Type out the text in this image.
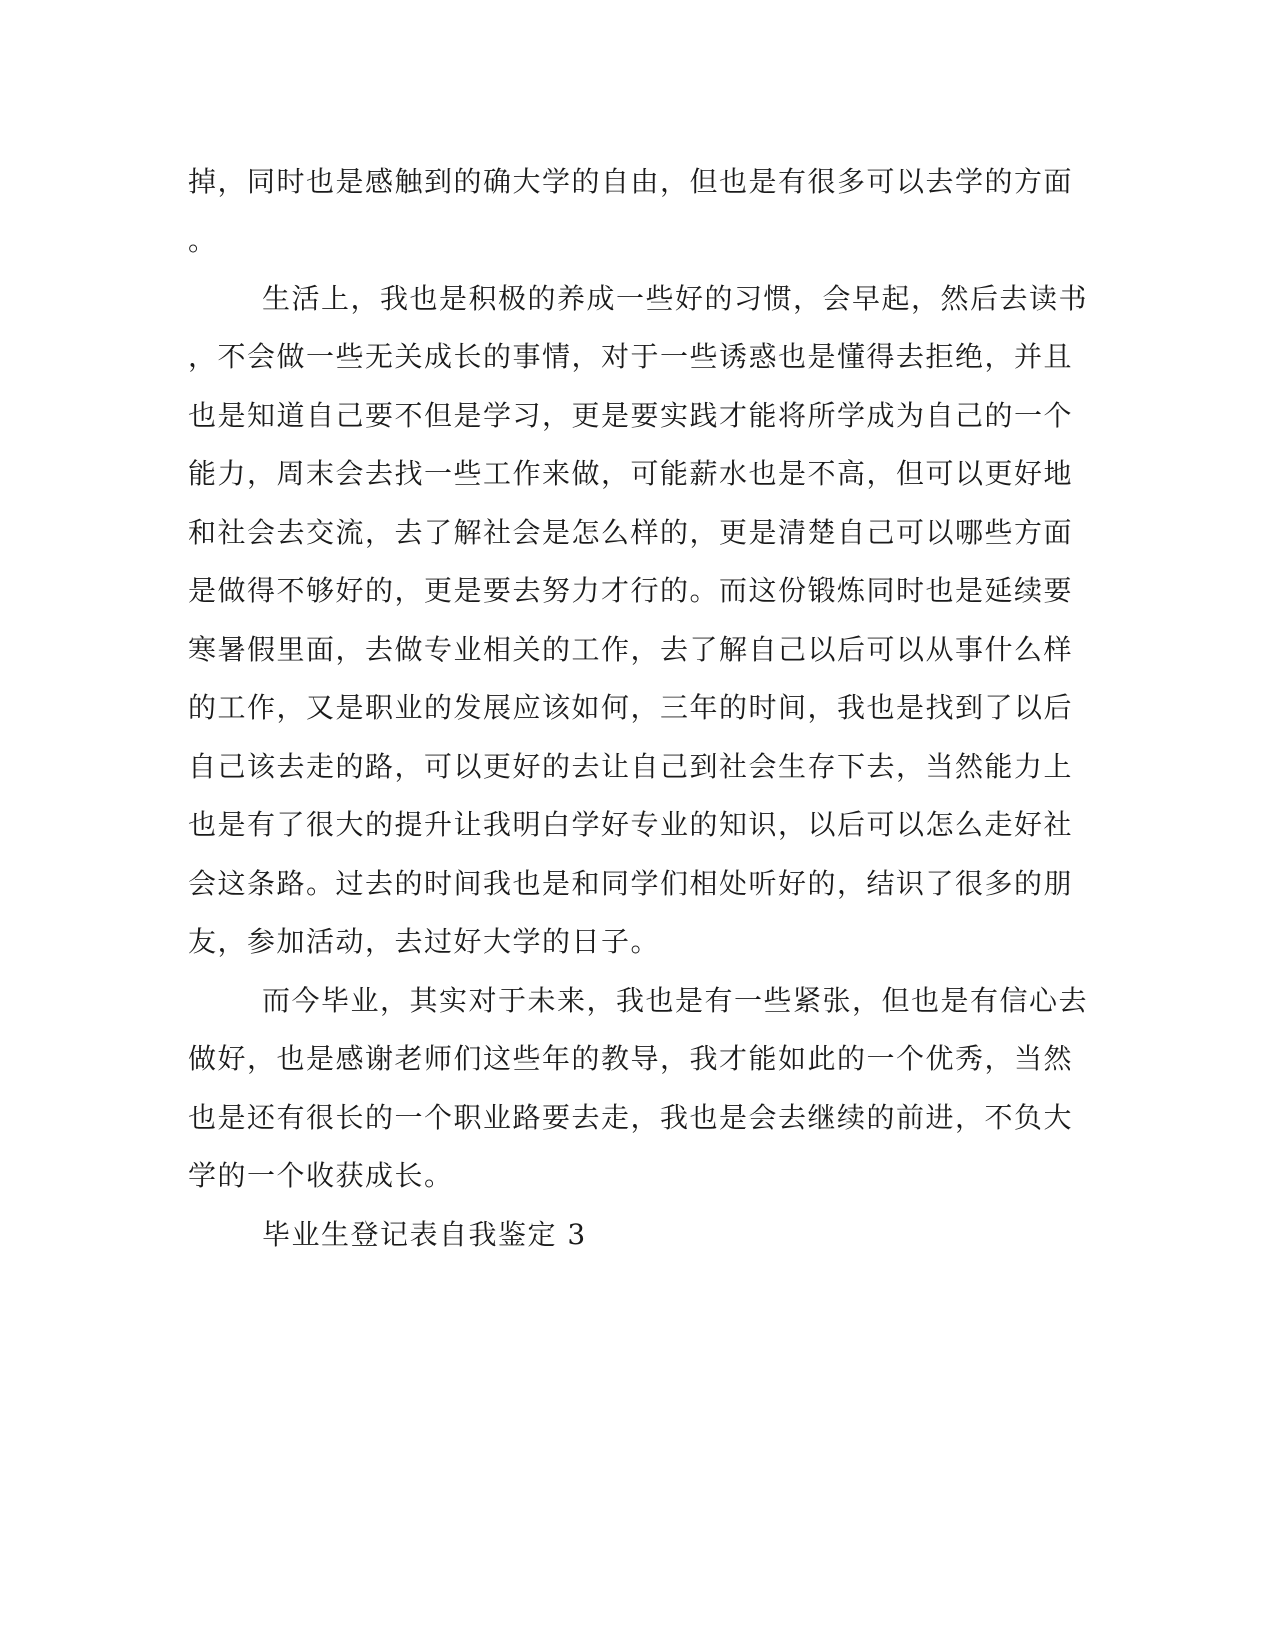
掉，同时也是感触到的确大学的自由，但也是有很多可以去学的方面

。

生活上，我也是积极的养成一些好的习惯，会早起，然后去读书

，不会做一些无关成长的事情，对于一些诱惑也是懂得去拒绝，并且

也是知道自己要不但是学习，更是要实践才能将所学成为自己的一个

能力，周末会去找一些工作来做，可能薪水也是不高，但可以更好地

和社会去交流，去了解社会是怎么样的，更是清楚自己可以哪些方面

是做得不够好的，更是要去努力才行的。而这份锻炼同时也是延续要

寒暑假里面，去做专业相关的工作，去了解自己以后可以从事什么样

的工作，又是职业的发展应该如何，三年的时间，我也是找到了以后

自己该去走的路，可以更好的去让自己到社会生存下去，当然能力上

也是有了很大的提升让我明白学好专业的知识，以后可以怎么走好社

会这条路。过去的时间我也是和同学们相处听好的，结识了很多的朋

友，参加活动，去过好大学的日子。

而今毕业，其实对于未来，我也是有一些紧张，但也是有信心去

做好，也是感谢老师们这些年的教导，我才能如此的一个优秀，当然

也是还有很长的一个职业路要去走，我也是会去继续的前进，不负大

学的一个收获成长。

毕业生登记表自我鉴定 3
